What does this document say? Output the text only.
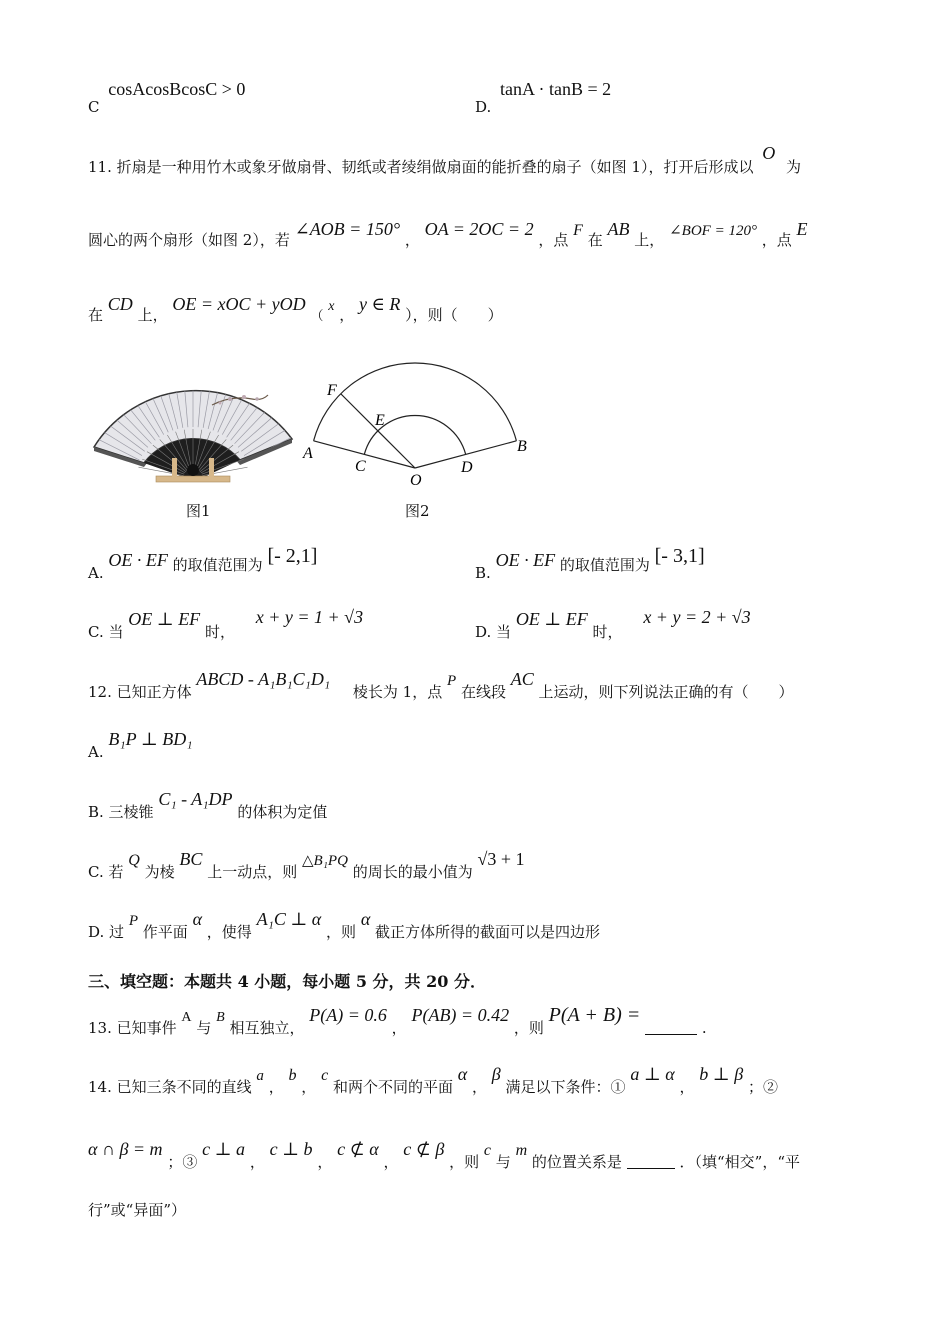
C cosAcosBcosC > 0
D. tanA · tanB = 2
11. 折扇是一种用竹木或象牙做扇骨、韧纸或者绫绢做扇面的能折叠的扇子（如图 1），打开后形成以 O 为
圆心的两个扇形（如图 2），若 ∠AOB = 150° ， OA = 2OC = 2 ，点 F 在 AB 上， ∠BOF = 120° ，点 E
在 CD 上， OE = xOC + yOD （ x ， y ∈ R ），则（　　）
F
E
A	B
C	D
O
图1	图2
A. OE · EF 的取值范围为 [- 2,1]
B. OE · EF 的取值范围为 [- 3,1]
C. 当 OE ⊥ EF 时， x + y = 1 + √3
D. 当 OE ⊥ EF 时， x + y = 2 + √3
12. 已知正方体 ABCD - A₁B₁C₁D₁ 棱长为 1，点 P 在线段 AC 上运动，则下列说法正确的有（　　）
A. B₁P ⊥ BD₁
B. 三棱锥 C₁ - A₁DP 的体积为定值
C. 若 Q 为棱 BC 上一动点，则 △B₁PQ 的周长的最小值为 √3 + 1
D. 过 P 作平面 α ，使得 A₁C ⊥ α ，则 α 截正方体所得的截面可以是四边形
三、填空题：本题共 4 小题，每小题 5 分，共 20 分．
13. 已知事件 A 与 B 相互独立， P(A) = 0.6 ， P(AB) = 0.42 ，则 P(A + B) =  .
14. 已知三条不同的直线 a ， b ， c 和两个不同的平面 α ， β 满足以下条件：① a ⊥ α ， b ⊥ β ；②
α ∩ β = m ；③ c ⊥ a ， c ⊥ b ， c ⊄ α ， c ⊄ β ，则 c 与 m 的位置关系是	．（填“相交”，“平
行”或“异面”）
